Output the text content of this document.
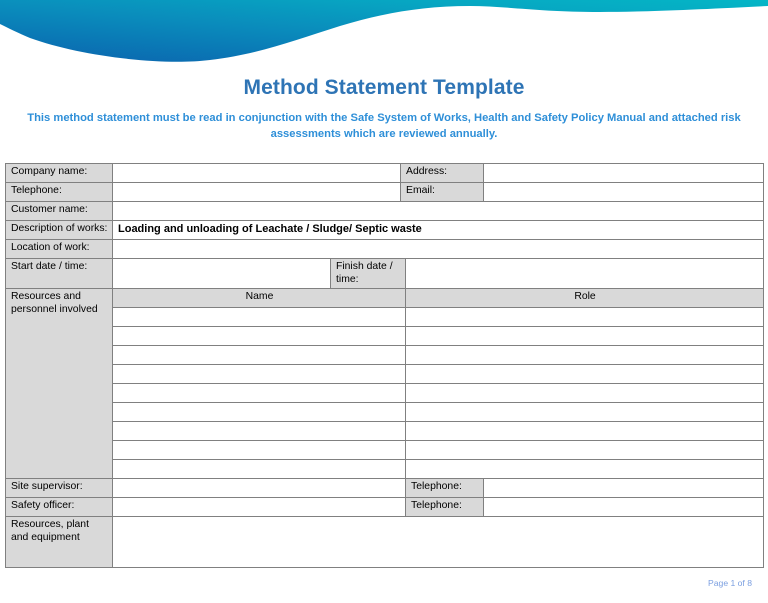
Method Statement Template
This method statement must be read in conjunction with the Safe System of Works, Health and Safety Policy Manual and attached risk assessments which are reviewed annually.
Company name:			Address:		
Telephone:			Email:		
Customer name:					
Description of works:	Loading and unloading of Leachate / Sludge/ Septic waste				
Location of work:					
Start date / time:		Finish date / time:			
Resources and personnel involved	Name			Role	

Site supervisor:				Telephone:	
Safety officer:				Telephone:	
Resources, plant and equipment					
Page 1 of 8
